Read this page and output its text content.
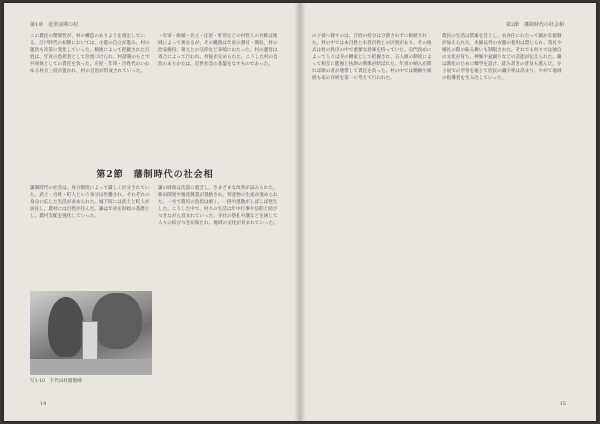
第1章　近世前期の村
この農民の階層性が、村の構造のありようを規定している。江戸時代の初期においては、小農の自立が進み、村の運営も次第に変化していった。検地によって把握された百姓は、年貢の負担者として位置づけられ、村請制のもとで共同体としての責任を負った。庄屋・年寄・百姓代のいわゆる村方三役が置かれ、村の自治が形成されていった。
・年寄・組頭・名主・庄屋・肝煎などの村役人の名称は地域によって異なるが、その職務は年貢の割付・徴収、村の治安維持、領主との交渉など多岐にわたった。村の運営は寄合によって行われ、村掟が定められた。こうした村の自治のありかたは、近世社会の基盤をなすものであった。
第2節　藩制時代の社会相
藩制時代の社会は、身分制度によって厳しく区分されていた。武士・百姓・町人という身分は世襲され、それぞれの身分に応じた生活が求められた。城下町には武士と町人が居住し、農村には百姓が住んだ。藩は年貢を財政の基礎とし、農村支配を強化していった。
藩の財政は次第に窮乏し、さまざまな改革が試みられた。新田開発や殖産興業が奨励され、特産物の生産が進められた。一方で農民の負担は重く、一揆や逃散がしばしば発生した。こうした中で、村々の生活は年中行事や信仰と結びつきながら営まれていった。寺社の祭礼や講などを通じて人々の結びつきが保たれ、地域の文化が育まれていった。
写1-10　千代田村開墾碑
14
第2節　藩制時代の社会相
の子孫へ移すのは、百姓の持分は分割されずに相続された。村の中では本百姓と水呑百姓との区別があり、その格式は村の秩序の中で重要な意味を持っていた。宗門改めによって人々は寺の檀家として把握され、五人組の制度によって相互に監視と扶助の関係が結ばれた。年貢の納入が滞れば組の者が連帯して責任を負った。村の中では婚姻や相続も家の存続を第一に考えて行われた。
農民の生活は質素を旨とし、衣食住にわたって細かな規制が加えられた。木綿以外の衣服の着用は禁じられ、祭礼や婚礼の際の振る舞いも制限された。それでも村々では独自の文化が育ち、神楽や盆踊りなどの芸能が伝えられた。藩は教化のために郷学を設け、読み書きの普及も進んだ。寺子屋での学習を通じて庶民の識字率は高まり、やがて地域の指導者を生み出していった。
15
